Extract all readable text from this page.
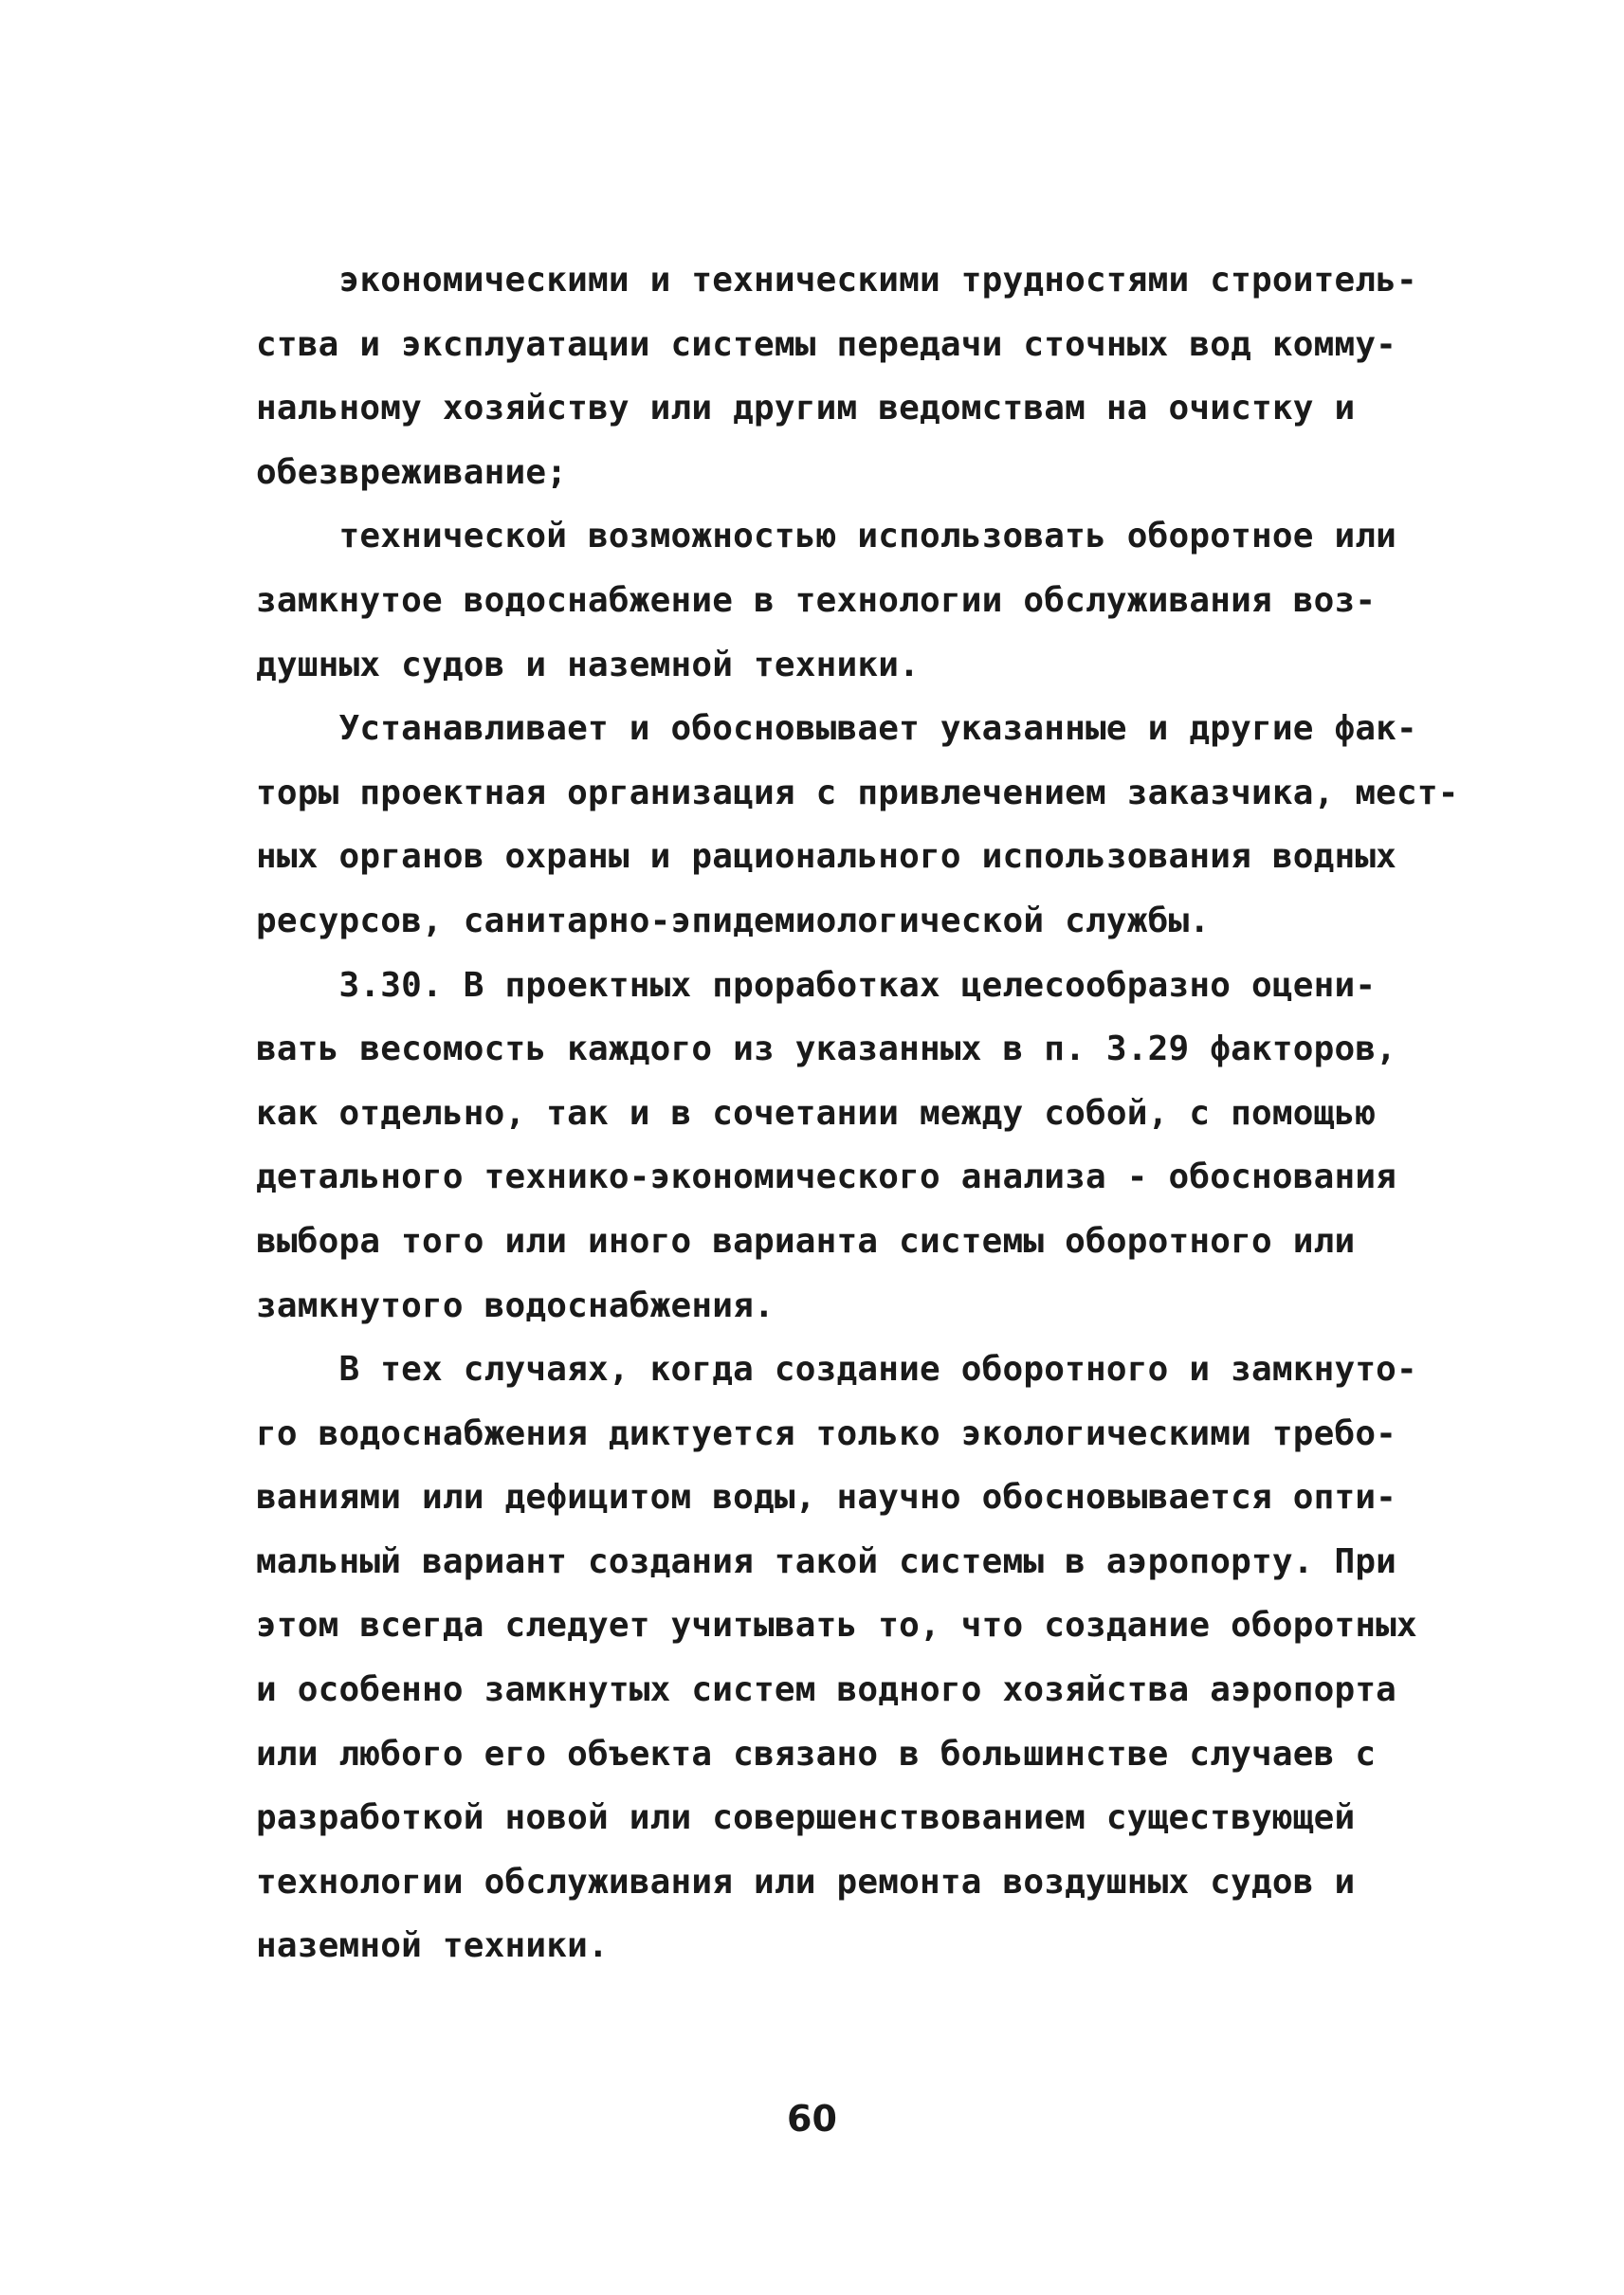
экономическими и техническими трудностями строитель-
ства и эксплуатации системы передачи сточных вод комму-
нальному хозяйству или другим ведомствам на очистку и
обезвреживание;
технической возможностью использовать оборотное или
замкнутое водоснабжение в технологии обслуживания воз-
душных судов и наземной техники.
Устанавливает и обосновывает указанные и другие фак-
торы проектная организация с привлечением заказчика, мест-
ных органов охраны и рационального использования водных
ресурсов, санитарно-эпидемиологической службы.
3.30. В проектных проработках целесообразно оцени-
вать весомость каждого из указанных в п. 3.29 факторов,
как отдельно, так и в сочетании между собой, с помощью
детального технико-экономического анализа - обоснования
выбора того или иного варианта системы оборотного или
замкнутого водоснабжения.
В тех случаях, когда создание оборотного и замкнуто-
го водоснабжения диктуется только экологическими требо-
ваниями или дефицитом воды, научно обосновывается опти-
мальный вариант создания такой системы в аэропорту. При
этом всегда следует учитывать то, что создание оборотных
и особенно замкнутых систем водного хозяйства аэропорта
или любого его объекта связано в большинстве случаев с
разработкой новой или совершенствованием существующей
технологии обслуживания или ремонта воздушных судов и
наземной техники.
60
